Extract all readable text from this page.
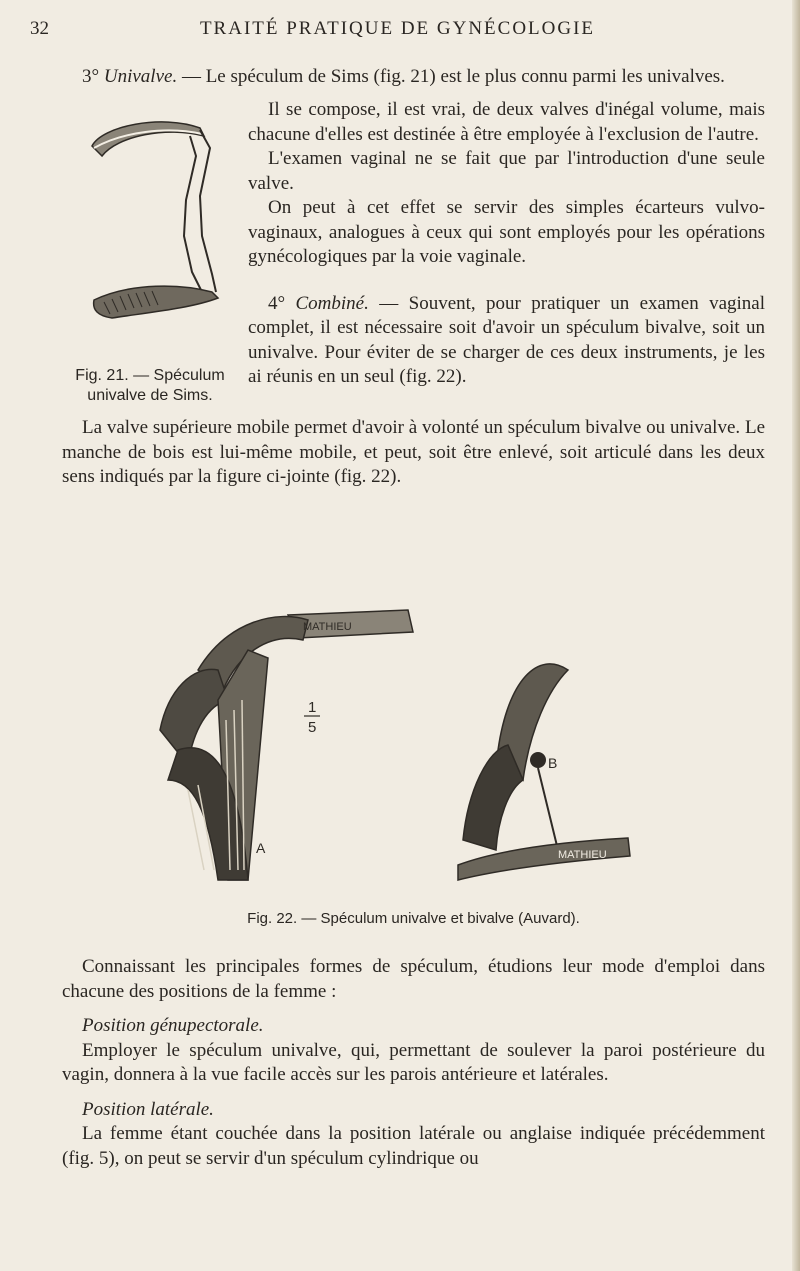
32	TRAITÉ PRATIQUE DE GYNÉCOLOGIE

3° Univalve. — Le spéculum de Sims (fig. 21) est le plus connu parmi les univalves.

Il se compose, il est vrai, de deux valves d'inégal volume, mais chacune d'elles est destinée à être employée à l'exclusion de l'autre.

L'examen vaginal ne se fait que par l'introduction d'une seule valve.

On peut à cet effet se servir des simples écarteurs vulvo-vaginaux, analogues à ceux qui sont employés pour les opérations gynécologiques par la voie vaginale.

4° Combiné. — Souvent, pour pratiquer un examen vaginal complet, il est nécessaire soit d'avoir un spéculum bivalve, soit un univalve. Pour éviter de se charger de ces deux instruments, je les ai réunis en un seul (fig. 22).

Fig. 21. — Spéculum
univalve de Sims.

La valve supérieure mobile permet d'avoir à volonté un spéculum bivalve ou univalve. Le manche de bois est lui-même mobile, et peut, soit être enlevé, soit articulé dans les deux sens indiqués par la figure ci-jointe (fig. 22).

MATHIEU
1
5
A	MATHIEU
B
Fig. 22. — Spéculum univalve et bivalve (Auvard).

Connaissant les principales formes de spéculum, étudions leur mode d'emploi dans chacune des positions de la femme :

Position génupectorale.

Employer le spéculum univalve, qui, permettant de soulever la paroi postérieure du vagin, donnera à la vue facile accès sur les parois antérieure et latérales.

Position latérale.

La femme étant couchée dans la position latérale ou anglaise indiquée précédemment (fig. 5), on peut se servir d'un spéculum cylindrique ou
